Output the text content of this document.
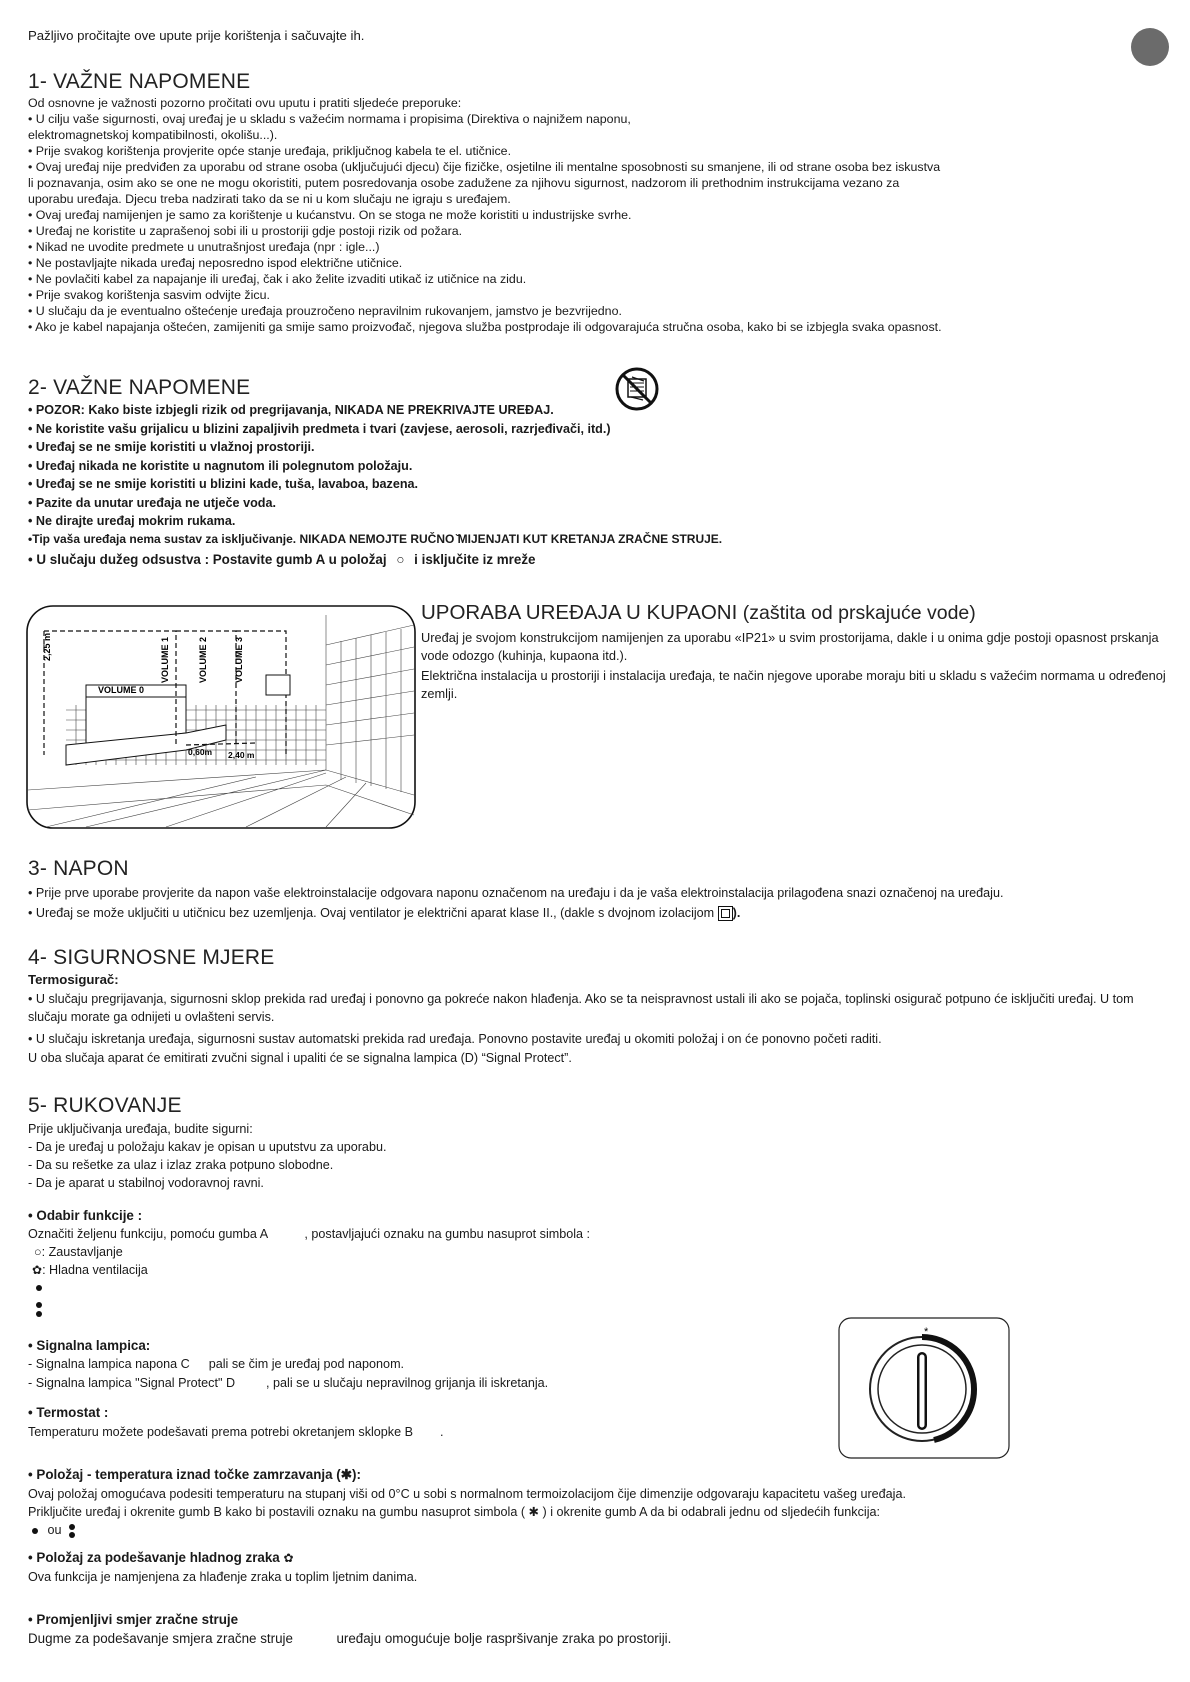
Pažljivo pročitajte ove upute prije korištenja i sačuvajte ih.

1- VAŽNE NAPOMENE
Od osnovne je važnosti pozorno pročitati ovu uputu i pratiti sljedeće preporuke:
• U cilju vaše sigurnosti, ovaj uređaj je u skladu s važećim normama i propisima (Direktiva o najnižem naponu,
elektromagnetskoj kompatibilnosti, okolišu...).
• Prije svakog korištenja provjerite opće stanje uređaja, priključnog kabela te el. utičnice.
• Ovaj uređaj nije predviđen za uporabu od strane osoba (uključujući djecu) čije fizičke, osjetilne ili mentalne sposobnosti su smanjene, ili od strane osoba bez iskustva
li poznavanja, osim ako se one ne mogu okoristiti, putem posredovanja osobe zadužene za njihovu sigurnost, nadzorom ili prethodnim instrukcijama vezano za
uporabu uređaja. Djecu treba nadzirati tako da se ni u kom slučaju ne igraju s uređajem.
• Ovaj uređaj namijenjen je samo za korištenje u kućanstvu. On se stoga ne može koristiti u industrijske svrhe.
• Uređaj ne koristite u zaprašenoj sobi ili u prostoriji gdje postoji rizik od požara.
• Nikad ne uvodite predmete u unutrašnjost uređaja (npr : igle...)
• Ne postavljajte nikada uređaj neposredno ispod električne utičnice.
• Ne povlačiti kabel za napajanje ili uređaj, čak i ako želite izvaditi utikač iz utičnice na zidu.
• Prije svakog korištenja sasvim odvijte žicu.
• U slučaju da je eventualno oštećenje uređaja prouzročeno nepravilnim rukovanjem, jamstvo je bezvrijedno.
• Ako je kabel napajanja oštećen, zamijeniti ga smije samo proizvođač, njegova služba postprodaje ili odgovarajuća stručna osoba, kako bi se izbjegla svaka opasnost.
2- VAŽNE NAPOMENE
• POZOR: Kako biste izbjegli rizik od pregrijavanja, NIKADA NE PREKRIVAJTE UREĐAJ.
• Ne koristite vašu grijalicu u blizini zapaljivih predmeta i tvari (zavjese, aerosoli, razrjeđivači, itd.)
• Uređaj se ne smije koristiti u vlažnoj prostoriji.
• Uređaj nikada ne koristite u nagnutom ili polegnutom položaju.
• Uređaj se ne smije koristiti u blizini kade, tuša, lavaboa, bazena.
• Pazite da unutar uređaja ne utječe voda.
• Ne dirajte uređaj mokrim rukama.

•Tip vaša uređaja nema sustav za isključivanje. NIKADA NEMOJTE RUČNO ̌MIJENJATI KUT KRETANJA ZRAČNE STRUJE.

• U slučaju dužeg odsustva : Postavite gumb A u položaj ○ i isključite iz mreže

2,25 m
VOLUME 0
VOLUME 1	VOLUME 2	VOLUME 3
0,60m 2,40 m
UPORABA UREĐAJA U KUPAONI (zaštita od prskajuće vode)

Uređaj je svojom konstrukcijom namijenjen za uporabu «IP21» u svim prostorijama, dakle i u onima gdje postoji opasnost prskanja vode odozgo (kuhinja, kupaona itd.).

Električna instalacija u prostoriji i instalacija uređaja, te način njegove uporabe moraju biti u skladu s važećim normama u određenoj zemlji.

3- NAPON

• Prije prve uporabe provjerite da napon vaše elektroinstalacije odgovara naponu označenom na uređaju i da je vaša elektroinstalacija prilagođena snazi označenoj na uređaju.

• Uređaj se može uključiti u utičnicu bez uzemljenja. Ovaj ventilator je električni aparat klase II., (dakle s dvojnom izolacijom ).

4- SIGURNOSNE MJERE

Termosigurač:

• U slučaju pregrijavanja, sigurnosni sklop prekida rad uređaj i ponovno ga pokreće nakon hlađenja. Ako se ta neispravnost ustali ili ako se pojača, toplinski osigurač potpuno će isključiti uređaj. U tom slučaju morate ga odnijeti u ovlašteni servis.

• U slučaju iskretanja uređaja, sigurnosni sustav automatski prekida rad uređaja. Ponovno postavite uređaj u okomiti položaj i on će ponovno početi raditi.

U oba slučaja aparat će emitirati zvučni signal i upaliti će se signalna lampica (D) “Signal Protect”.

5- RUKOVANJE
Prije uključivanja uređaja, budite sigurni:
- Da je uređaj u položaju kakav je opisan u uputstvu za uporabu.
- Da su rešetke za ulaz i izlaz zraka potpuno slobodne.
- Da je aparat u stabilnoj vodoravnoj ravni.

• Odabir funkcije :

Označiti željenu funkciju, pomoću gumba A	, postavljajući oznaku na gumbu nasuprot simbola :

○: Zaustavljanje

✿: Hladna ventilacija

• Signalna lampica:

- Signalna lampica napona C pali se čim je uređaj pod naponom.

- Signalna lampica "Signal Protect" D , pali se u slučaju nepravilnog grijanja ili iskretanja.

• Termostat :

Temperaturu možete podešavati prema potrebi okretanjem sklopke B .

*

• Položaj - temperatura iznad točke zamrzavanja (✱):

Ovaj položaj omogućava podesiti temperaturu na stupanj viši od 0°C u sobi s normalnom termoizolacijom čije dimenzije odgovaraju kapacitetu vašeg uređaja.

Priključite uređaj i okrenite gumb B kako bi postavili oznaku na gumbu nasuprot simbola ( ✱ ) i okrenite gumb A da bi odabrali jednu od sljedećih funkcija:

ou

• Položaj za podešavanje hladnog zraka ✿

Ova funkcija je namjenjena za hlađenje zraka u toplim ljetnim danima.

• Promjenljivi smjer zračne struje

Dugme za podešavanje smjera zračne struje	uređaju omogućuje bolje raspršivanje zraka po prostoriji.
